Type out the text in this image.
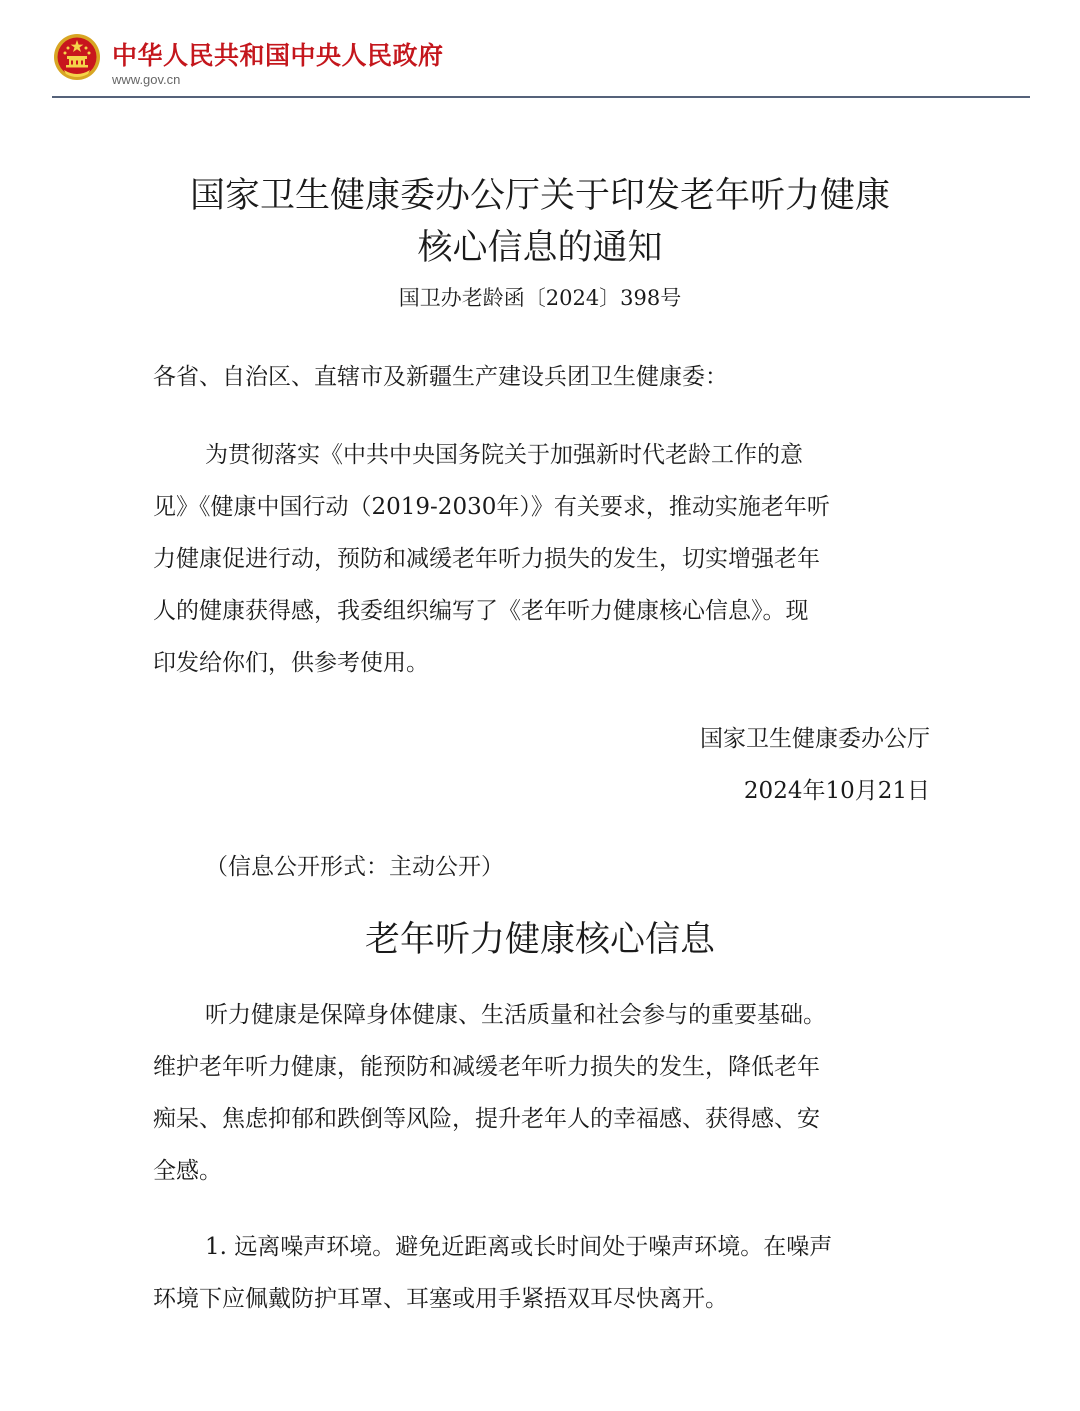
中华人民共和国中央人民政府
www.gov.cn
国家卫生健康委办公厅关于印发老年听力健康
核心信息的通知
国卫办老龄函〔2024〕398号
各省、自治区、直辖市及新疆生产建设兵团卫生健康委：
为贯彻落实《中共中央国务院关于加强新时代老龄工作的意
见》《健康中国行动（2019-2030年）》有关要求，推动实施老年听
力健康促进行动，预防和减缓老年听力损失的发生，切实增强老年
人的健康获得感，我委组织编写了《老年听力健康核心信息》。现
印发给你们，供参考使用。
国家卫生健康委办公厅
2024年10月21日
（信息公开形式：主动公开）
老年听力健康核心信息
听力健康是保障身体健康、生活质量和社会参与的重要基础。
维护老年听力健康，能预防和减缓老年听力损失的发生，降低老年
痴呆、焦虑抑郁和跌倒等风险，提升老年人的幸福感、获得感、安
全感。
1. 远离噪声环境。避免近距离或长时间处于噪声环境。在噪声
环境下应佩戴防护耳罩、耳塞或用手紧捂双耳尽快离开。
